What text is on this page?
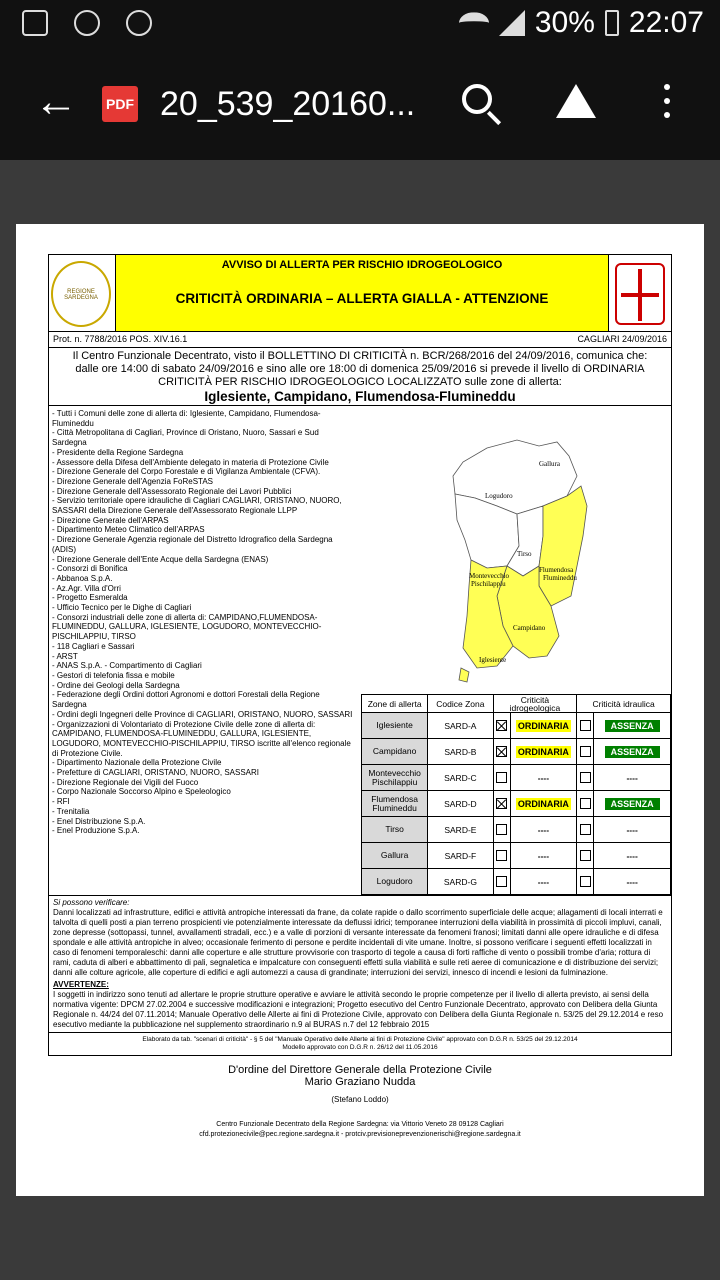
30% 22:07
← PDF 20_539_20160...
REGIONE SARDEGNA
AVVISO DI ALLERTA PER RISCHIO IDROGEOLOGICO
CRITICITÀ ORDINARIA – ALLERTA GIALLA - ATTENZIONE
Prot. n. 7788/2016 POS. XIV.16.1	CAGLIARI 24/09/2016
Il Centro Funzionale Decentrato, visto il BOLLETTINO DI CRITICITÀ n. BCR/268/2016 del 24/09/2016, comunica che:
dalle ore 14:00 di sabato 24/09/2016 e sino alle ore 18:00 di domenica 25/09/2016 si prevede il livello di ORDINARIA CRITICITÀ PER RISCHIO IDROGEOLOGICO LOCALIZZATO sulle zone di allerta:
Iglesiente, Campidano, Flumendosa-Flumineddu
- Tutti i Comuni delle zone di allerta di: Iglesiente, Campidano, Flumendosa-Flumineddu
- Città Metropolitana di Cagliari, Province di Oristano, Nuoro, Sassari e Sud Sardegna
- Presidente della Regione Sardegna
- Assessore della Difesa dell'Ambiente delegato in materia di Protezione Civile
- Direzione Generale del Corpo Forestale e di Vigilanza Ambientale (CFVA).
- Direzione Generale dell'Agenzia FoReSTAS
- Direzione Generale dell'Assessorato Regionale dei Lavori Pubblici
- Servizio territoriale opere idrauliche di Cagliari CAGLIARI, ORISTANO, NUORO, SASSARI della Direzione Generale dell'Assessorato Regionale LLPP
- Direzione Generale dell'ARPAS
- Dipartimento Meteo Climatico dell'ARPAS
- Direzione Generale Agenzia regionale del Distretto Idrografico della Sardegna (ADIS)
- Direzione Generale dell'Ente Acque della Sardegna (ENAS)
- Consorzi di Bonifica
- Abbanoa S.p.A.
- Az.Agr. Villa d'Orri
- Progetto Esmeralda
- Ufficio Tecnico per le Dighe di Cagliari
- Consorzi industriali delle zone di allerta di: CAMPIDANO,FLUMENDOSA-FLUMINEDDU, GALLURA, IGLESIENTE, LOGUDORO, MONTEVECCHIO-PISCHILAPPIU, TIRSO
- 118 Cagliari e Sassari
- ARST
- ANAS S.p.A. - Compartimento di Cagliari
- Gestori di telefonia fissa e mobile
- Ordine dei Geologi della Sardegna
- Federazione degli Ordini dottori Agronomi e dottori Forestali della Regione Sardegna
- Ordini degli Ingegneri delle Province di CAGLIARI, ORISTANO, NUORO, SASSARI
- Organizzazioni di Volontariato di Protezione Civile delle zone di allerta di: CAMPIDANO, FLUMENDOSA-FLUMINEDDU, GALLURA, IGLESIENTE, LOGUDORO, MONTEVECCHIO-PISCHILAPPIU, TIRSO iscritte all'elenco regionale di Protezione Civile.
- Dipartimento Nazionale della Protezione Civile
- Prefetture di CAGLIARI, ORISTANO, NUORO, SASSARI
- Direzione Regionale dei Vigili del Fuoco
- Corpo Nazionale Soccorso Alpino e Speleologico
- RFI
- Trenitalia
- Enel Distribuzione S.p.A.
- Enel Produzione S.p.A.
Gallura
Logudoro
Tirso
Montevecchio
Pischilappiu
Flumendosa
Flumineddu
Campidano
Iglesiente
Zone di allerta	Codice Zona	Criticità idrogeologica		Criticità idraulica	
Iglesiente	SARD-A		ORDINARIA		ASSENZA
Campidano	SARD-B		ORDINARIA		ASSENZA
Montevecchio Pischilappiu	SARD-C		----		----
Flumendosa Flumineddu	SARD-D		ORDINARIA		ASSENZA
Tirso	SARD-E		----		----
Gallura	SARD-F		----		----
Logudoro	SARD-G		----		----
Si possono verificare:
Danni localizzati ad infrastrutture, edifici e attività antropiche interessati da frane, da colate rapide o dallo scorrimento superficiale delle acque; allagamenti di locali interrati e talvolta di quelli posti a pian terreno prospicienti vie potenzialmente interessate da deflussi idrici; temporanee interruzioni della viabilità in prossimità di piccoli impluvi, canali, zone depresse (sottopassi, tunnel, avvallamenti stradali, ecc.) e a valle di porzioni di versante interessate da fenomeni franosi; limitati danni alle opere idrauliche e di difesa spondale e alle attività antropiche in alveo; occasionale ferimento di persone e perdite incidentali di vite umane. Inoltre, si possono verificare i seguenti effetti localizzati in caso di fenomeni temporaleschi: danni alle coperture e alle strutture provvisorie con trasporto di tegole a causa di forti raffiche di vento o possibili trombe d'aria; rottura di rami, caduta di alberi e abbattimento di pali, segnaletica e impalcature con conseguenti effetti sulla viabilità e sulle reti aeree di comunicazione e di distribuzione dei servizi; danni alle colture agricole, alle coperture di edifici e agli automezzi a causa di grandinate; interruzioni dei servizi, innesco di incendi e lesioni da fulminazione.
AVVERTENZE:
I soggetti in indirizzo sono tenuti ad allertare le proprie strutture operative e avviare le attività secondo le proprie competenze per il livello di allerta previsto, ai sensi della normativa vigente: DPCM 27.02.2004 e successive modificazioni e integrazioni; Progetto esecutivo del Centro Funzionale Decentrato, approvato con Delibera della Giunta Regionale n. 44/24 del 07.11.2014; Manuale Operativo delle Allerte ai fini di Protezione Civile, approvato con Delibera della Giunta Regionale n. 53/25 del 29.12.2014 e reso esecutivo mediante la pubblicazione nel supplemento straordinario n.9 al BURAS n.7 del 12 febbraio 2015
Elaborato da tab. "scenari di criticità" - § 5 del "Manuale Operativo delle Allerte ai fini di Protezione Civile" approvato con D.G.R n. 53/25 del 29.12.2014
Modello approvato con D.G.R n. 26/12 del 11.05.2016
D'ordine del Direttore Generale della Protezione Civile
Mario Graziano Nudda
(Stefano Loddo)
Centro Funzionale Decentrato della Regione Sardegna: via Vittorio Veneto 28 09128 Cagliari
cfd.protezionecivile@pec.regione.sardegna.it - protciv.previsioneprevenzionerischi@regione.sardegna.it
